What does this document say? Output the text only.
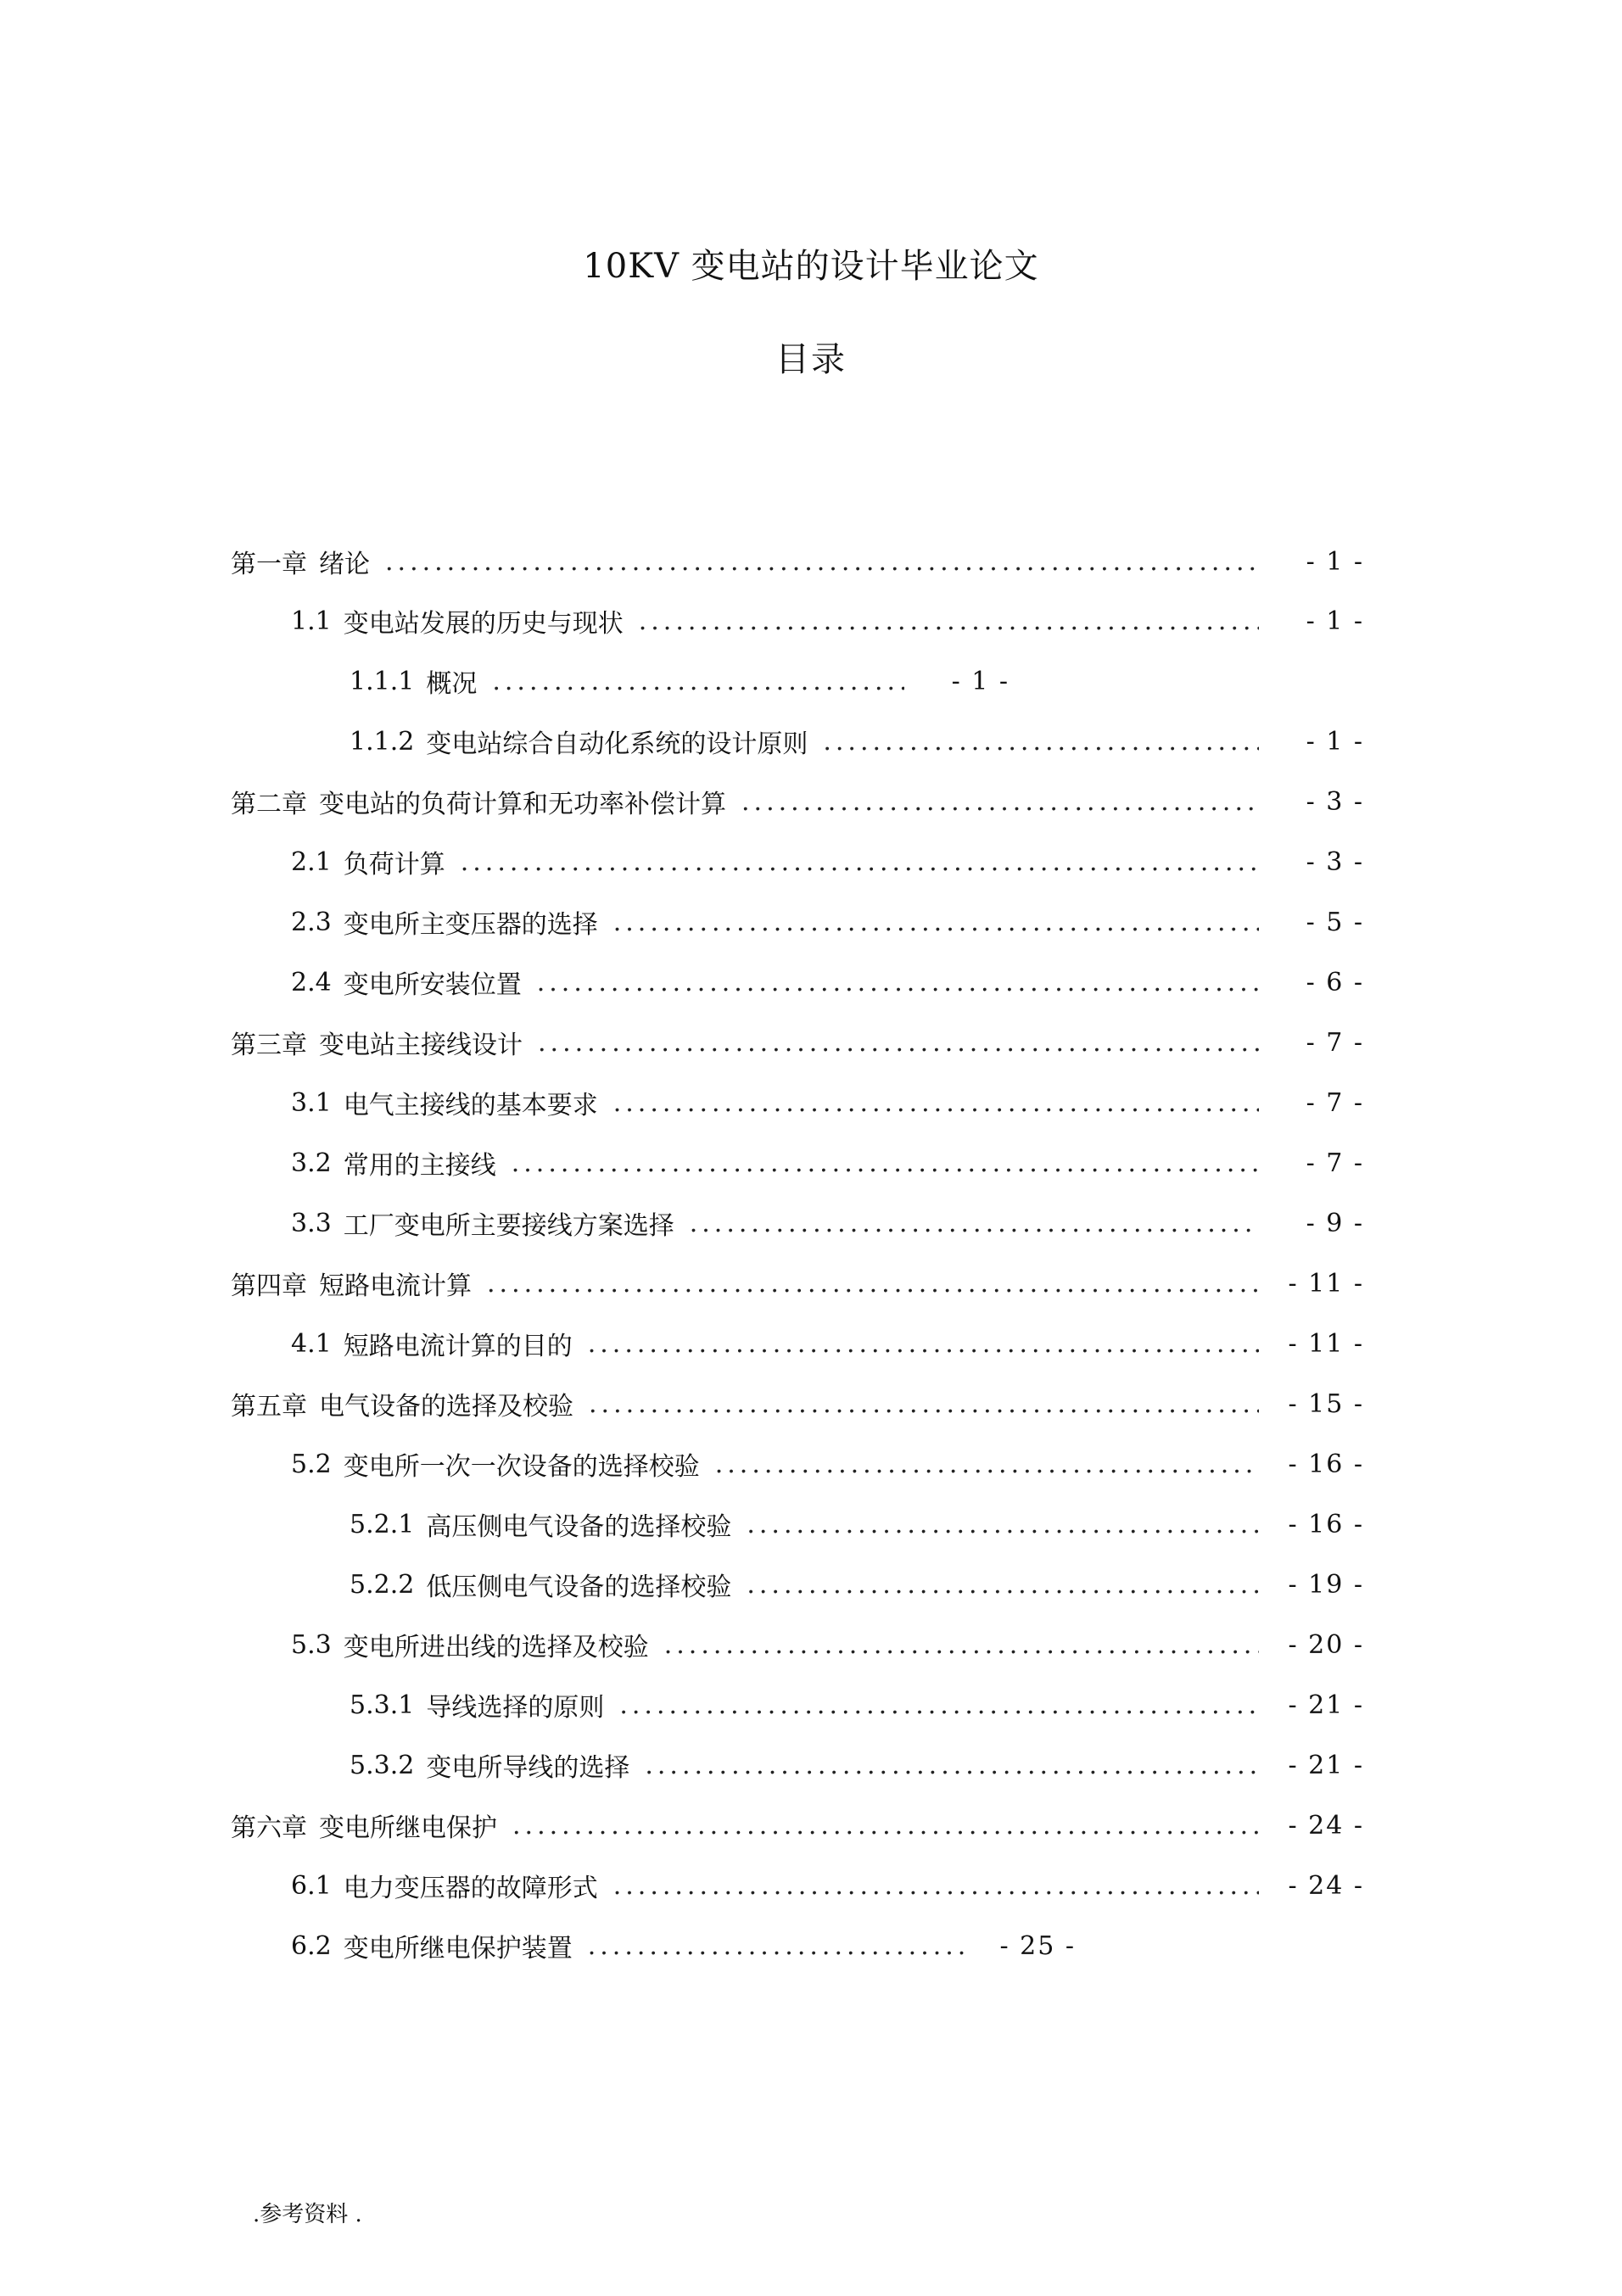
10KV 变电站的设计毕业论文
目录
第一章 绪论 .....	- 1 -
1.1 变电站发展的历史与现状 .....	- 1 -
1.1.1 概况 .....	- 1 -
1.1.2 变电站综合自动化系统的设计原则 .....	- 1 -
第二章 变电站的负荷计算和无功率补偿计算 .....	- 3 -
2.1 负荷计算 .....	- 3 -
2.3 变电所主变压器的选择 .....	- 5 -
2.4 变电所安装位置 .....	- 6 -
第三章 变电站主接线设计 .....	- 7 -
3.1 电气主接线的基本要求 .....	- 7 -
3.2 常用的主接线 .....	- 7 -
3.3 工厂变电所主要接线方案选择 .....	- 9 -
第四章 短路电流计算 .....	- 11 -
4.1 短路电流计算的目的 .....	- 11 -
第五章 电气设备的选择及校验 .....	- 15 -
5.2 变电所一次一次设备的选择校验 .....	- 16 -
5.2.1 高压侧电气设备的选择校验 .....	- 16 -
5.2.2 低压侧电气设备的选择校验 .....	- 19 -
5.3 变电所进出线的选择及校验 .....	- 20 -
5.3.1 导线选择的原则 .....	- 21 -
5.3.2 变电所导线的选择 .....	- 21 -
第六章 变电所继电保护 .....	- 24 -
6.1 电力变压器的故障形式 .....	- 24 -
6.2 变电所继电保护装置 .....	- 25 -

.参考资料 .
